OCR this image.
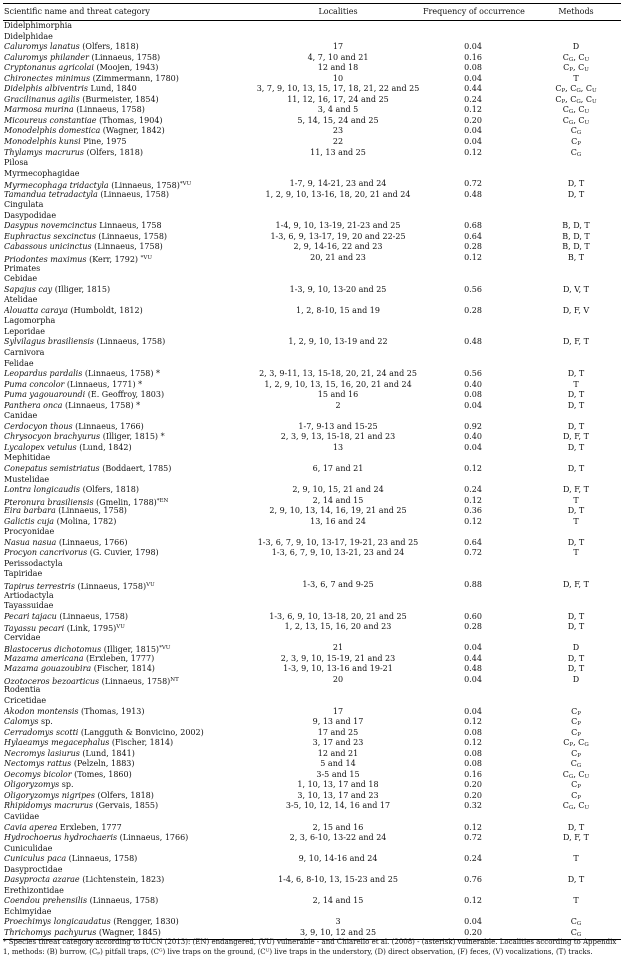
Scientific name and threat category	Localities	Frequency of occurrence	Methods
Didelphimorphia
Didelphidae
Caluromys lanatus (Olfers, 1818)	17	0.04	D
Caluromys philander (Linnaeus, 1758)	4, 7, 10 and 21	0.16	CG, CU
Cryptonanus agricolai (Moojen, 1943)	12 and 18	0.08	CP, CU
Chironectes minimus (Zimmermann, 1780)	10	0.04	T
Didelphis albiventris Lund, 1840	3, 7, 9, 10, 13, 15, 17, 18, 21, 22 and 25	0.44	CP, CG, CU
Gracilinanus agilis (Burmeister, 1854)	11, 12, 16, 17, 24 and 25	0.24	CP, CG, CU
Marmosa murina (Linnaeus, 1758)	3, 4 and 5	0.12	CG, CU
Micoureus constantiae (Thomas, 1904)	5, 14, 15, 24 and 25	0.20	CG, CU
Monodelphis domestica (Wagner, 1842)	23	0.04	CG
Monodelphis kunsi Pine, 1975	22	0.04	CP
Thylamys macrurus (Olfers, 1818)	11, 13 and 25	0.12	CG
Pilosa
Myrmecophagidae
Myrmecophaga tridactyla (Linnaeus, 1758)$^{*VU}$	1-7, 9, 14-21, 23 and 24	0.72	D, T
Tamandua tetradactyla (Linnaeus, 1758)	1, 2, 9, 10, 13-16, 18, 20, 21 and 24	0.48	D, T
Cingulata
Dasypodidae
Dasypus novemcinctus Linnaeus, 1758	1-4, 9, 10, 13-19, 21-23 and 25	0.68	B, D, T
Euphractus sexcinctus (Linnaeus, 1758)	1-3, 6, 9, 13-17, 19, 20 and 22-25	0.64	B, D, T
Cabassous unicinctus (Linnaeus, 1758)	2, 9, 14-16, 22 and 23	0.28	B, D, T
Priodontes maximus (Kerr, 1792) $^{*VU}$	20, 21 and 23	0.12	B, T
Primates
Cebidae
Sapajus cay (Illiger, 1815)	1-3, 9, 10, 13-20 and 25	0.56	D, V, T
Atelidae
Alouatta caraya (Humboldt, 1812)	1, 2, 8-10, 15 and 19	0.28	D, F, V
Lagomorpha
Leporidae
Sylvilagus brasiliensis (Linnaeus, 1758)	1, 2, 9, 10, 13-19 and 22	0.48	D, F, T
Carnivora
Felidae
Leopardus pardalis (Linnaeus, 1758) *	2, 3, 9-11, 13, 15-18, 20, 21, 24 and 25	0.56	D, T
Puma concolor (Linnaeus, 1771) *	1, 2, 9, 10, 13, 15, 16, 20, 21 and 24	0.40	T
Puma yagouaroundi (É. Geoffroy, 1803)	15 and 16	0.08	D, T
Panthera onca (Linnaeus, 1758) *	2	0.04	D, T
Canidae
Cerdocyon thous (Linnaeus, 1766)	1-7, 9-13 and 15-25	0.92	D, T
Chrysocyon brachyurus (Illiger, 1815) *	2, 3, 9, 13, 15-18, 21 and 23	0.40	D, F, T
Lycalopex vetulus (Lund, 1842)	13	0.04	D, T
Mephitidae
Conepatus semistriatus (Boddaert, 1785)	6, 17 and 21	0.12	D, T
Mustelidae
Lontra longicaudis (Olfers, 1818)	2, 9, 10, 15, 21 and 24	0.24	D, F, T
Pteronura brasiliensis (Gmelin, 1788)$^{*EN}$	2, 14 and 15	0.12	T
Eira barbara (Linnaeus, 1758)	2, 9, 10, 13, 14, 16, 19, 21 and 25	0.36	D, T
Galictis cuja (Molina, 1782)	13, 16 and 24	0.12	T
Procyonidae
Nasua nasua (Linnaeus, 1766)	1-3, 6, 7, 9, 10, 13-17, 19-21, 23 and 25	0.64	D, T
Procyon cancrivorus (G. Cuvier, 1798)	1-3, 6, 7, 9, 10, 13-21, 23 and 24	0.72	T
Perissodactyla
Tapiridae
Tapirus terrestris (Linnaeus, 1758)$^{VU}$	1-3, 6, 7 and 9-25	0.88	D, F, T
Artiodactyla
Tayassuidae
Pecari tajacu (Linnaeus, 1758)	1-3, 6, 9, 10, 13-18, 20, 21 and 25	0.60	D, T
Tayassu pecari (Link, 1795)$^{VU}$	1, 2, 13, 15, 16, 20 and 23	0.28	D, T
Cervidae
Blastocerus dichotomus (Illiger, 1815)$^{*VU}$	21	0.04	D
Mazama americana (Erxleben, 1777)	2, 3, 9, 10, 15-19, 21 and 23	0.44	D, T
Mazama gouazoubira (Fischer, 1814)	1-3, 9, 10, 13-16 and 19-21	0.48	D, T
Ozotoceros bezoarticus (Linnaeus, 1758)$^{NT}$	20	0.04	D
Rodentia
Cricetidae
Akodon montensis (Thomas, 1913)	17	0.04	CP
Calomys sp.	9, 13 and 17	0.12	CP
Cerradomys scotti (Langguth & Bonvicino, 2002)	17 and 25	0.08	CP
Hylaeamys megacephalus (Fischer, 1814)	3, 17 and 23	0.12	CP, CG
Necromys lasiurus (Lund, 1841)	12 and 21	0.08	CP
Nectomys rattus (Pelzeln, 1883)	5 and 14	0.08	CG
Oecomys bicolor (Tomes, 1860)	3-5 and 15	0.16	CG, CU
Oligoryzomys sp.	1, 10, 13, 17 and 18	0.20	CP
Oligoryzomys nigripes (Olfers, 1818)	3, 10, 13, 17 and 23	0.20	CP
Rhipidomys macrurus (Gervais, 1855)	3-5, 10, 12, 14, 16 and 17	0.32	CG, CU
Caviidae
Cavia aperea Erxleben, 1777	2, 15 and 16	0.12	D, T
Hydrochoerus hydrochaeris (Linnaeus, 1766)	2, 3, 6-10, 13-22 and 24	0.72	D, F, T
Cuniculidae
Cuniculus paca (Linnaeus, 1758)	9, 10, 14-16 and 24	0.24	T
Dasyproctidae
Dasyprocta azarae (Lichtenstein, 1823)	1-4, 6, 8-10, 13, 15-23 and 25	0.76	D, T
Erethizontidae
Coendou prehensilis (Linnaeus, 1758)	2, 14 and 15	0.12	T
Echimyidae
Proechimys longicaudatus (Rengger, 1830)	3	0.04	CG
Thrichomys pachyurus (Wagner, 1845)	3, 9, 10, 12 and 25	0.20	CG
* Species threat category according to IUCN (2013): (EN) endangered, (VU) vulnerable - and Chiarello et al. (2008) - (asterisk) vulnerable. Localities according to Appendix 1, methods: (B) burrow, (Cₚ) pitfall traps, (Cᴳ) live traps on the ground, (Cᵁ) live traps in the understory, (D) direct observation, (F) feces, (V) vocalizations, (T) tracks.
